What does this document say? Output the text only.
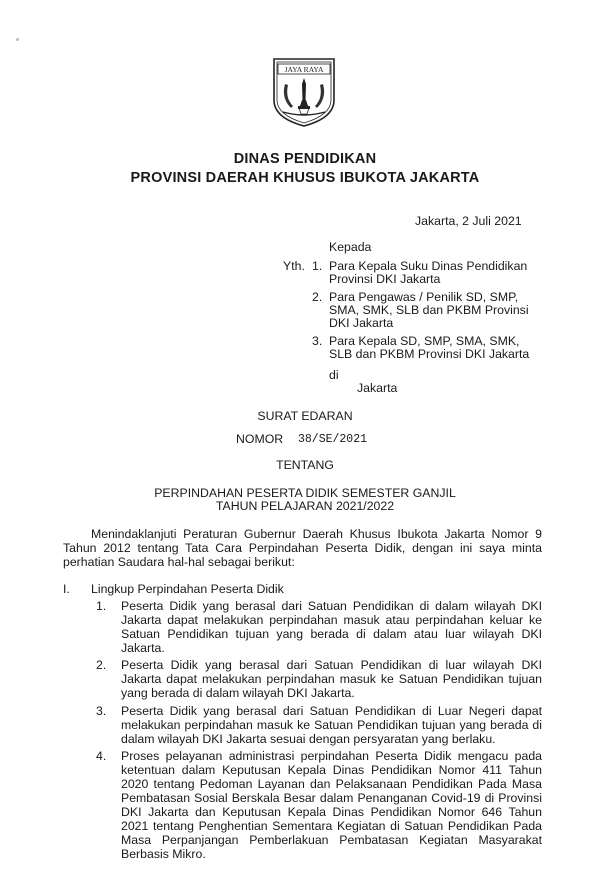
JAYA RAYA
DINAS PENDIDIKAN
PROVINSI DAERAH KHUSUS IBUKOTA JAKARTA
Jakarta, 2 Juli 2021
Kepada
Yth. 1. Para Kepala Suku Dinas Pendidikan
Provinsi DKI Jakarta
2. Para Pengawas / Penilik SD, SMP,
SMA, SMK, SLB dan PKBM Provinsi
DKI Jakarta
3. Para Kepala SD, SMP, SMA, SMK,
SLB dan PKBM Provinsi DKI Jakarta
di
Jakarta
SURAT EDARAN
NOMOR 38/SE/2021
TENTANG
PERPINDAHAN PESERTA DIDIK SEMESTER GANJIL
TAHUN PELAJARAN 2021/2022
Menindaklanjuti Peraturan Gubernur Daerah Khusus Ibukota Jakarta Nomor 9
Tahun 2012 tentang Tata Cara Perpindahan Peserta Didik, dengan ini saya minta
perhatian Saudara hal-hal sebagai berikut:
I. Lingkup Perpindahan Peserta Didik
1. Peserta Didik yang berasal dari Satuan Pendidikan di dalam wilayah DKI
Jakarta dapat melakukan perpindahan masuk atau perpindahan keluar ke
Satuan Pendidikan tujuan yang berada di dalam atau luar wilayah DKI
Jakarta.
2. Peserta Didik yang berasal dari Satuan Pendidikan di luar wilayah DKI
Jakarta dapat melakukan perpindahan masuk ke Satuan Pendidikan tujuan
yang berada di dalam wilayah DKI Jakarta.
3. Peserta Didik yang berasal dari Satuan Pendidikan di Luar Negeri dapat
melakukan perpindahan masuk ke Satuan Pendidikan tujuan yang berada di
dalam wilayah DKI Jakarta sesuai dengan persyaratan yang berlaku.
4. Proses pelayanan administrasi perpindahan Peserta Didik mengacu pada
ketentuan dalam Keputusan Kepala Dinas Pendidikan Nomor 411 Tahun
2020 tentang Pedoman Layanan dan Pelaksanaan Pendidikan Pada Masa
Pembatasan Sosial Berskala Besar dalam Penanganan Covid-19 di Provinsi
DKI Jakarta dan Keputusan Kepala Dinas Pendidikan Nomor 646 Tahun
2021 tentang Penghentian Sementara Kegiatan di Satuan Pendidikan Pada
Masa Perpanjangan Pemberlakuan Pembatasan Kegiatan Masyarakat
Berbasis Mikro.
